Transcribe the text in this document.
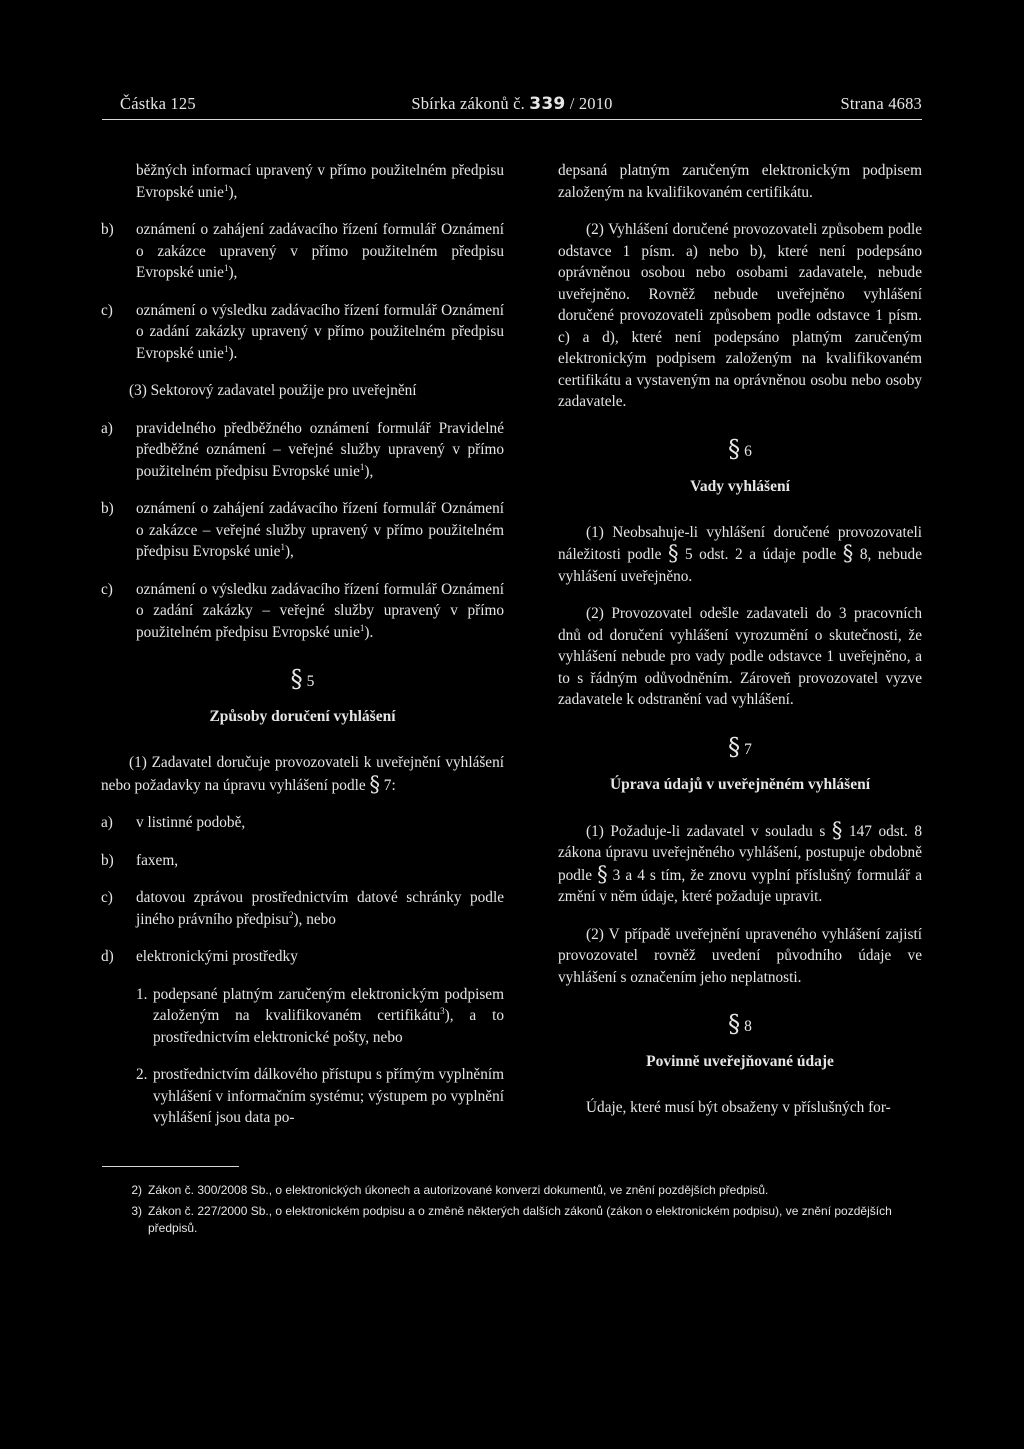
Částka 125	Sbírka zákonů č. 339 / 2010	Strana 4683
běžných informací upravený v přímo použitelném předpisu Evropské unie$^1$),
b)	oznámení o zahájení zadávacího řízení formulář Oznámení o zakázce upravený v přímo použitelném předpisu Evropské unie$^1$),
c)	oznámení o výsledku zadávacího řízení formulář Oznámení o zadání zakázky upravený v přímo použitelném předpisu Evropské unie$^1$).
(3) Sektorový zadavatel použije pro uveřejnění
a)	pravidelného předběžného oznámení formulář Pravidelné předběžné oznámení – veřejné služby upravený v přímo použitelném předpisu Evropské unie$^1$),
b)	oznámení o zahájení zadávacího řízení formulář Oznámení o zakázce – veřejné služby upravený v přímo použitelném předpisu Evropské unie$^1$),
c)	oznámení o výsledku zadávacího řízení formulář Oznámení o zadání zakázky – veřejné služby upravený v přímo použitelném předpisu Evropské unie$^1$).
§ 5
Způsoby doručení vyhlášení
(1) Zadavatel doručuje provozovateli k uveřejnění vyhlášení nebo požadavky na úpravu vyhlášení podle § 7:
a)	v listinné podobě,
b)	faxem,
c)	datovou zprávou prostřednictvím datové schránky podle jiného právního předpisu$^2$), nebo
d)	elektronickými prostředky
1. podepsané platným zaručeným elektronickým podpisem založeným na kvalifikovaném certifikátu$^3$), a to prostřednictvím elektronické pošty, nebo
2. prostřednictvím dálkového přístupu s přímým vyplněním vyhlášení v informačním systému; výstupem po vyplnění vyhlášení jsou data po-
depsaná platným zaručeným elektronickým podpisem založeným na kvalifikovaném certifikátu.
(2) Vyhlášení doručené provozovateli způsobem podle odstavce 1 písm. a) nebo b), které není podepsáno oprávněnou osobou nebo osobami zadavatele, nebude uveřejněno. Rovněž nebude uveřejněno vyhlášení doručené provozovateli způsobem podle odstavce 1 písm. c) a d), které není podepsáno platným zaručeným elektronickým podpisem založeným na kvalifikovaném certifikátu a vystaveným na oprávněnou osobu nebo osoby zadavatele.
§ 6
Vady vyhlášení
(1) Neobsahuje-li vyhlášení doručené provozovateli náležitosti podle § 5 odst. 2 a údaje podle § 8, nebude vyhlášení uveřejněno.
(2) Provozovatel odešle zadavateli do 3 pracovních dnů od doručení vyhlášení vyrozumění o skutečnosti, že vyhlášení nebude pro vady podle odstavce 1 uveřejněno, a to s řádným odůvodněním. Zároveň provozovatel vyzve zadavatele k odstranění vad vyhlášení.
§ 7
Úprava údajů v uveřejněném vyhlášení
(1) Požaduje-li zadavatel v souladu s § 147 odst. 8 zákona úpravu uveřejněného vyhlášení, postupuje obdobně podle § 3 a 4 s tím, že znovu vyplní příslušný formulář a změní v něm údaje, které požaduje upravit.
(2) V případě uveřejnění upraveného vyhlášení zajistí provozovatel rovněž uvedení původního údaje ve vyhlášení s označením jeho neplatnosti.
§ 8
Povinně uveřejňované údaje
Údaje, které musí být obsaženy v příslušných for-
2) Zákon č. 300/2008 Sb., o elektronických úkonech a autorizované konverzi dokumentů, ve znění pozdějších předpisů.
3) Zákon č. 227/2000 Sb., o elektronickém podpisu a o změně některých dalších zákonů (zákon o elektronickém podpisu), ve znění pozdějších předpisů.
